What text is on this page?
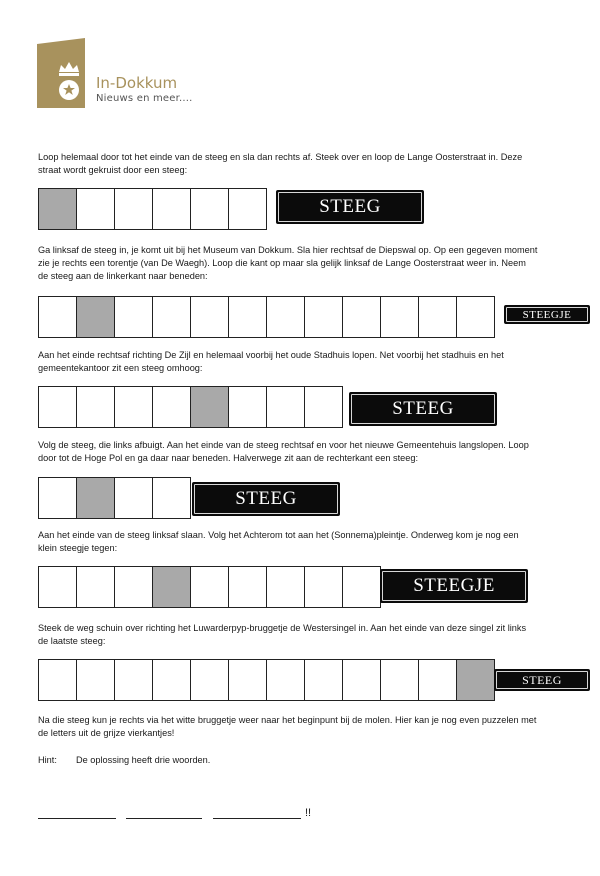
In-Dokkum
Nieuws en meer....

Loop helemaal door tot het einde van de steeg en sla dan rechts af. Steek over en loop de Lange Oosterstraat in. Deze straat wordt gekruist door een steeg:

STEEG

Ga linksaf de steeg in, je komt uit bij het Museum van Dokkum. Sla hier rechtsaf de Diepswal op. Op een gegeven moment zie je rechts een torentje (van De Waegh). Loop die kant op maar sla gelijk linksaf de Lange Oosterstraat weer in. Neem de steeg aan de linkerkant naar beneden:

STEEGJE

Aan het einde rechtsaf richting De Zijl en helemaal voorbij het oude Stadhuis lopen. Net voorbij het stadhuis en het gemeentekantoor zit een steeg omhoog:

STEEG

Volg de steeg, die links afbuigt. Aan het einde van de steeg rechtsaf en voor het nieuwe Gemeentehuis langslopen. Loop door tot de Hoge Pol en ga daar naar beneden. Halverwege zit aan de rechterkant een steeg:

STEEG

Aan het einde van de steeg linksaf slaan. Volg het Achterom tot aan het (Sonnema)pleintje. Onderweg kom je nog een klein steegje tegen:

STEEGJE

Steek de weg schuin over richting het Luwarderpyp-bruggetje de Westersingel in. Aan het einde van deze singel zit links de laatste steeg:

STEEG

Na die steeg kun je rechts via het witte bruggetje weer naar het beginpunt bij de molen. Hier kan je nog even puzzelen met de letters uit de grijze vierkantjes!

Hint: De oplossing heeft drie woorden.
!!
